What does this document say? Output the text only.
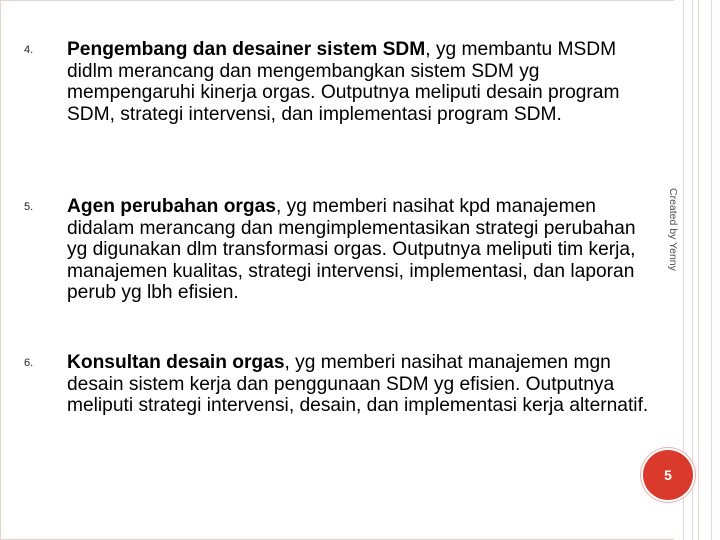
Created by Yenny
4.	Pengembang dan desainer sistem SDM, yg membantu MSDM didlm merancang dan mengembangkan sistem SDM yg mempengaruhi kinerja orgas. Outputnya meliputi desain program SDM, strategi intervensi, dan implementasi program SDM.
5.	Agen perubahan orgas, yg memberi nasihat kpd manajemen didalam merancang dan mengimplementasikan strategi perubahan yg digunakan dlm transformasi orgas. Outputnya meliputi tim kerja, manajemen kualitas, strategi intervensi, implementasi, dan laporan perub yg lbh efisien.
6.	Konsultan desain orgas, yg memberi nasihat manajemen mgn desain sistem kerja dan penggunaan SDM yg efisien. Outputnya meliputi strategi intervensi, desain, dan implementasi kerja alternatif.
5
